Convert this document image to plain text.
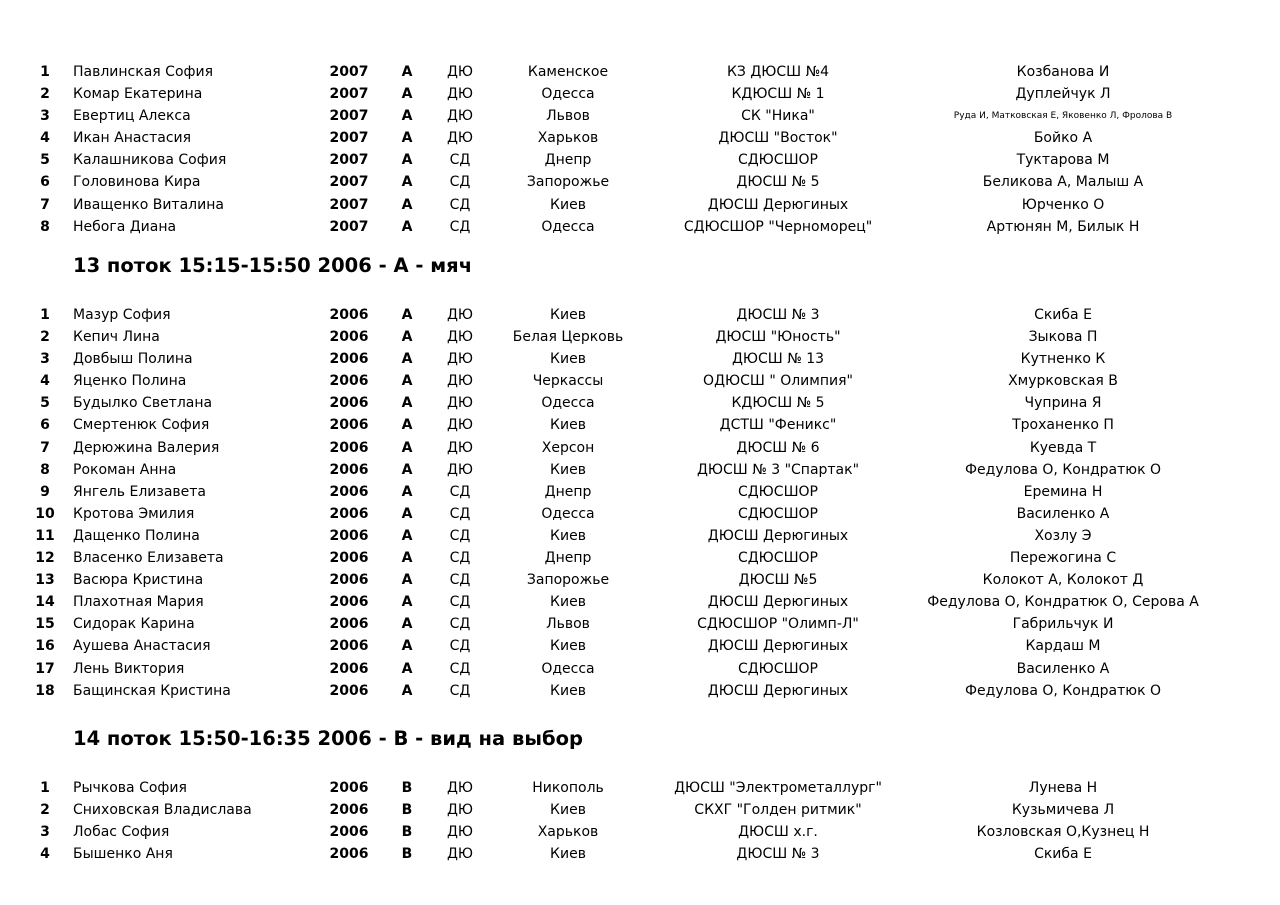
1	Павлинская София	2007	А	ДЮ	Каменское	КЗ ДЮСШ №4	Козбанова И
2	Комар Екатерина	2007	А	ДЮ	Одесса	КДЮСШ № 1	Дуплейчук Л
3	Евертиц Алекса	2007	А	ДЮ	Львов	СК "Ника"	Руда И, Матковская Е, Яковенко Л, Фролова В
4	Икан Анастасия	2007	А	ДЮ	Харьков	ДЮСШ "Восток"	Бойко А
5	Калашникова София	2007	А	СД	Днепр	СДЮСШОР	Туктарова М
6	Головинова Кира	2007	А	СД	Запорожье	ДЮСШ № 5	Беликова А, Малыш А
7	Иващенко Виталина	2007	А	СД	Киев	ДЮСШ Дерюгиных	Юрченко О
8	Небога Диана	2007	А	СД	Одесса	СДЮСШОР "Черноморец"	Артюнян М, Билык Н
13 поток 15:15-15:50 2006 - А - мяч
1	Мазур София	2006	А	ДЮ	Киев	ДЮСШ № 3	Скиба Е
2	Кепич Лина	2006	А	ДЮ	Белая Церковь	ДЮСШ "Юность"	Зыкова П
3	Довбыш Полина	2006	А	ДЮ	Киев	ДЮСШ № 13	Кутненко К
4	Яценко Полина	2006	А	ДЮ	Черкассы	ОДЮСШ " Олимпия"	Хмурковская В
5	Будылко Светлана	2006	А	ДЮ	Одесса	КДЮСШ № 5	Чуприна Я
6	Смертенюк София	2006	А	ДЮ	Киев	ДСТШ "Феникс"	Троханенко П
7	Дерюжина Валерия	2006	А	ДЮ	Херсон	ДЮСШ № 6	Куевда Т
8	Рокоман Анна	2006	А	ДЮ	Киев	ДЮСШ № 3 "Спартак"	Федулова О, Кондратюк О
9	Янгель Елизавета	2006	А	СД	Днепр	СДЮСШОР	Еремина Н
10	Кротова Эмилия	2006	А	СД	Одесса	СДЮСШОР	Василенко А
11	Дащенко Полина	2006	А	СД	Киев	ДЮСШ Дерюгиных	Хозлу Э
12	Власенко Елизавета	2006	А	СД	Днепр	СДЮСШОР	Пережогина С
13	Васюра Кристина	2006	А	СД	Запорожье	ДЮСШ №5	Колокот А, Колокот Д
14	Плахотная Мария	2006	А	СД	Киев	ДЮСШ Дерюгиных	Федулова О, Кондратюк О, Серова А
15	Сидорак Карина	2006	А	СД	Львов	СДЮСШОР "Олимп-Л"	Габрильчук И
16	Аушева Анастасия	2006	А	СД	Киев	ДЮСШ Дерюгиных	Кардаш М
17	Лень Виктория	2006	А	СД	Одесса	СДЮСШОР	Василенко А
18	Бащинская Кристина	2006	А	СД	Киев	ДЮСШ Дерюгиных	Федулова О, Кондратюк О
14 поток 15:50-16:35 2006 - В - вид на выбор
1	Рычкова София	2006	В	ДЮ	Никополь	ДЮСШ "Электрометаллург"	Лунева Н
2	Сниховская Владислава	2006	В	ДЮ	Киев	СКХГ "Голден ритмик"	Кузьмичева Л
3	Лобас София	2006	В	ДЮ	Харьков	ДЮСШ х.г.	Козловская О,Кузнец Н
4	Бышенко Аня	2006	В	ДЮ	Киев	ДЮСШ № 3	Скиба Е
